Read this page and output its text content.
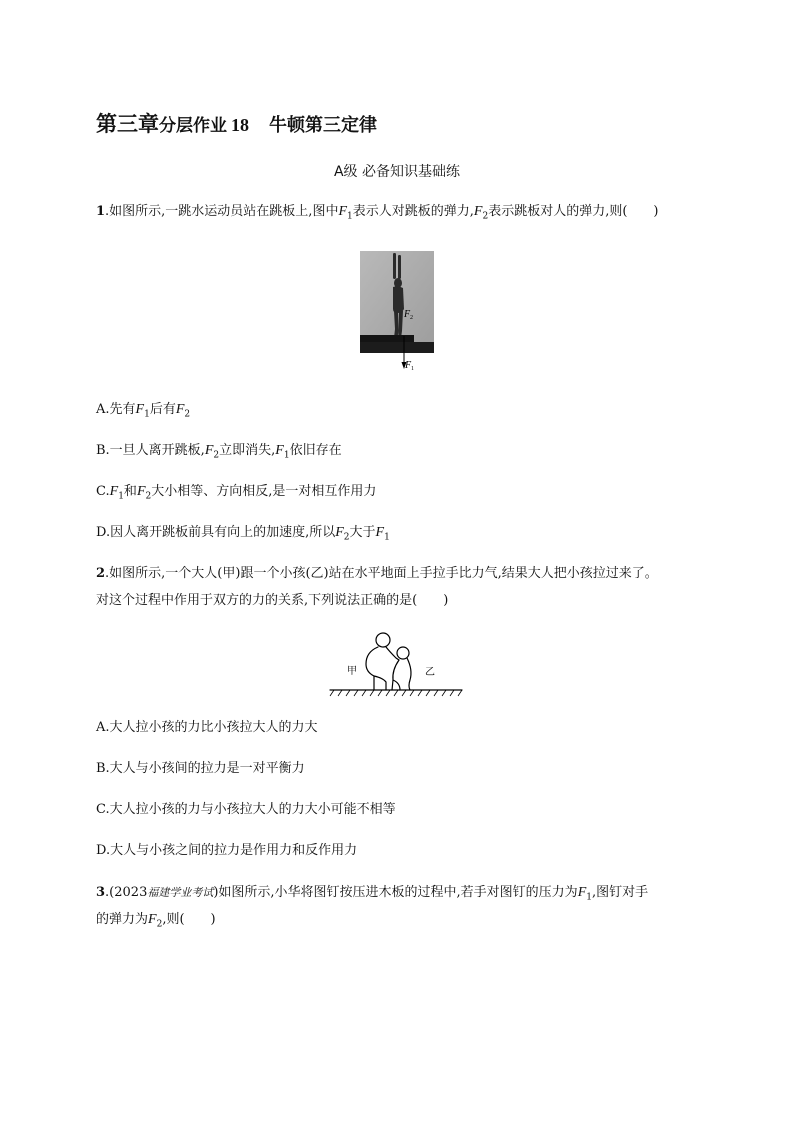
第三章分层作业 18 牛顿第三定律
A级 必备知识基础练
1.如图所示,一跳水运动员站在跳板上,图中$F_1$表示人对跳板的弹力$,F_2$表示跳板对人的弹力,则(　　)
F 2
F 1
A.先有$F_1$后有$F_2$
B.一旦人离开跳板$,F_2$立即消失$,F_1$依旧存在
$C.F_1$和$F_2$大小相等、方向相反,是一对相互作用力
D.因人离开跳板前具有向上的加速度,所以$F_2$大于$F_1$
2.如图所示,一个大人(甲)跟一个小孩(乙)站在水平地面上手拉手比力气,结果大人把小孩拉过来了。
对这个过程中作用于双方的力的关系,下列说法正确的是(　　)
甲	乙
A.大人拉小孩的力比小孩拉大人的力大
B.大人与小孩间的拉力是一对平衡力
C.大人拉小孩的力与小孩拉大人的力大小可能不相等
D.大人与小孩之间的拉力是作用力和反作用力
3.(2023福建学业考试)如图所示,小华将图钉按压进木板的过程中,若手对图钉的压力为$F_1$,图钉对手
的弹力为$F_2$,则(　　)
